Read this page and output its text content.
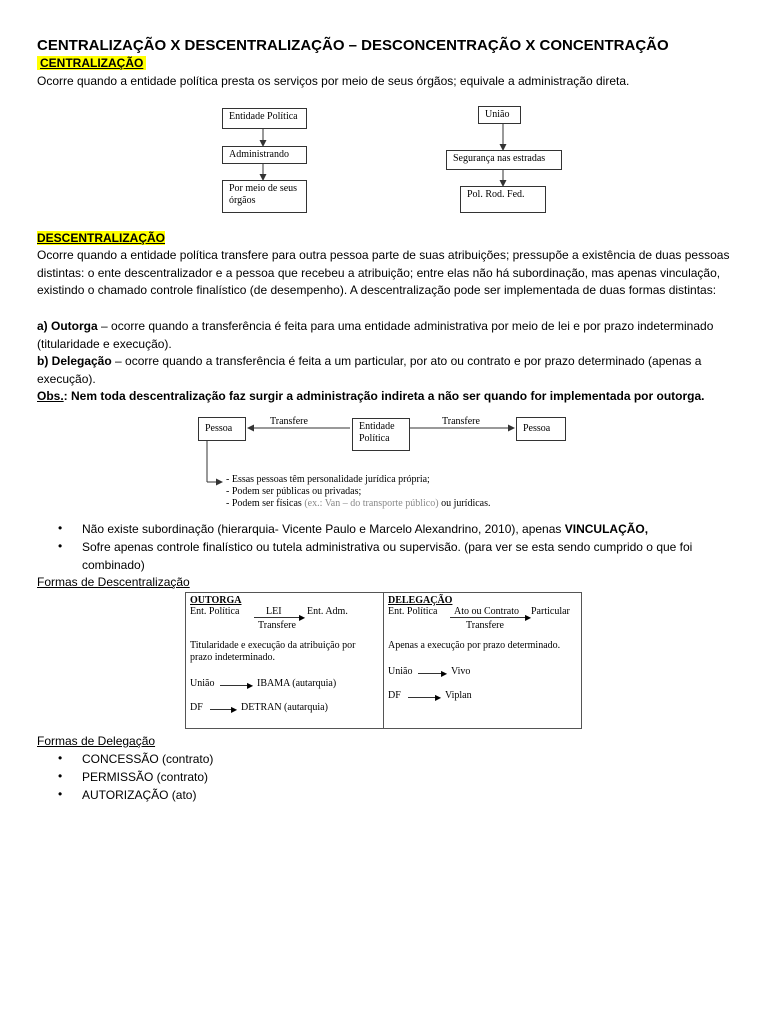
CENTRALIZAÇÃO X DESCENTRALIZAÇÃO – DESCONCENTRAÇÃO X CONCENTRAÇÃO
CENTRALIZAÇÃO
Ocorre quando a entidade política presta os serviços por meio de seus órgãos; equivale a administração direta.
Entidade Política
Administrando
Por meio de seus órgãos
União
Segurança nas estradas
Pol. Rod. Fed.
DESCENTRALIZAÇÃO
Ocorre quando a entidade política transfere para outra pessoa parte de suas atribuições; pressupõe a existência de duas pessoas distintas: o ente descentralizador e a pessoa que recebeu a atribuição; entre elas não há subordinação, mas apenas vinculação, existindo o chamado controle finalístico (de desempenho). A descentralização pode ser implementada de duas formas distintas:
a) Outorga – ocorre quando a transferência é feita para uma entidade administrativa por meio de lei e por prazo indeterminado (titularidade e execução).
b) Delegação – ocorre quando a transferência é feita a um particular, por ato ou contrato e por prazo determinado (apenas a execução).
Obs.: Nem toda descentralização faz surgir a administração indireta a não ser quando for implementada por outorga.
Transfere	Transfere
Pessoa	Entidade Política
Pessoa
- Essas pessoas têm personalidade jurídica própria;
- Podem ser públicas ou privadas;
- Podem ser físicas (ex.: Van – do transporte público) ou jurídicas.
• Não existe subordinação (hierarquia- Vicente Paulo e Marcelo Alexandrino, 2010), apenas VINCULAÇÃO,
• Sofre apenas controle finalístico ou tutela administrativa ou supervisão. (para ver se esta sendo cumprido o que foi combinado)
Formas de Descentralização
OUTORGA
Ent. Política	LEI	Ent. Adm.
▶
Transfere
Titularidade e execução da atribuição por prazo indeterminado.
União	▶ IBAMA (autarquia)
DF	▶ DETRAN (autarquia)

DELEGAÇÃO
Ent. Política Ato ou Contrato Particular
▶
Transfere
Apenas a execução por prazo determinado.
União	▶ Vivo
DF	▶ Viplan
Formas de Delegação
• CONCESSÃO (contrato)
• PERMISSÃO (contrato)
• AUTORIZAÇÃO (ato)
